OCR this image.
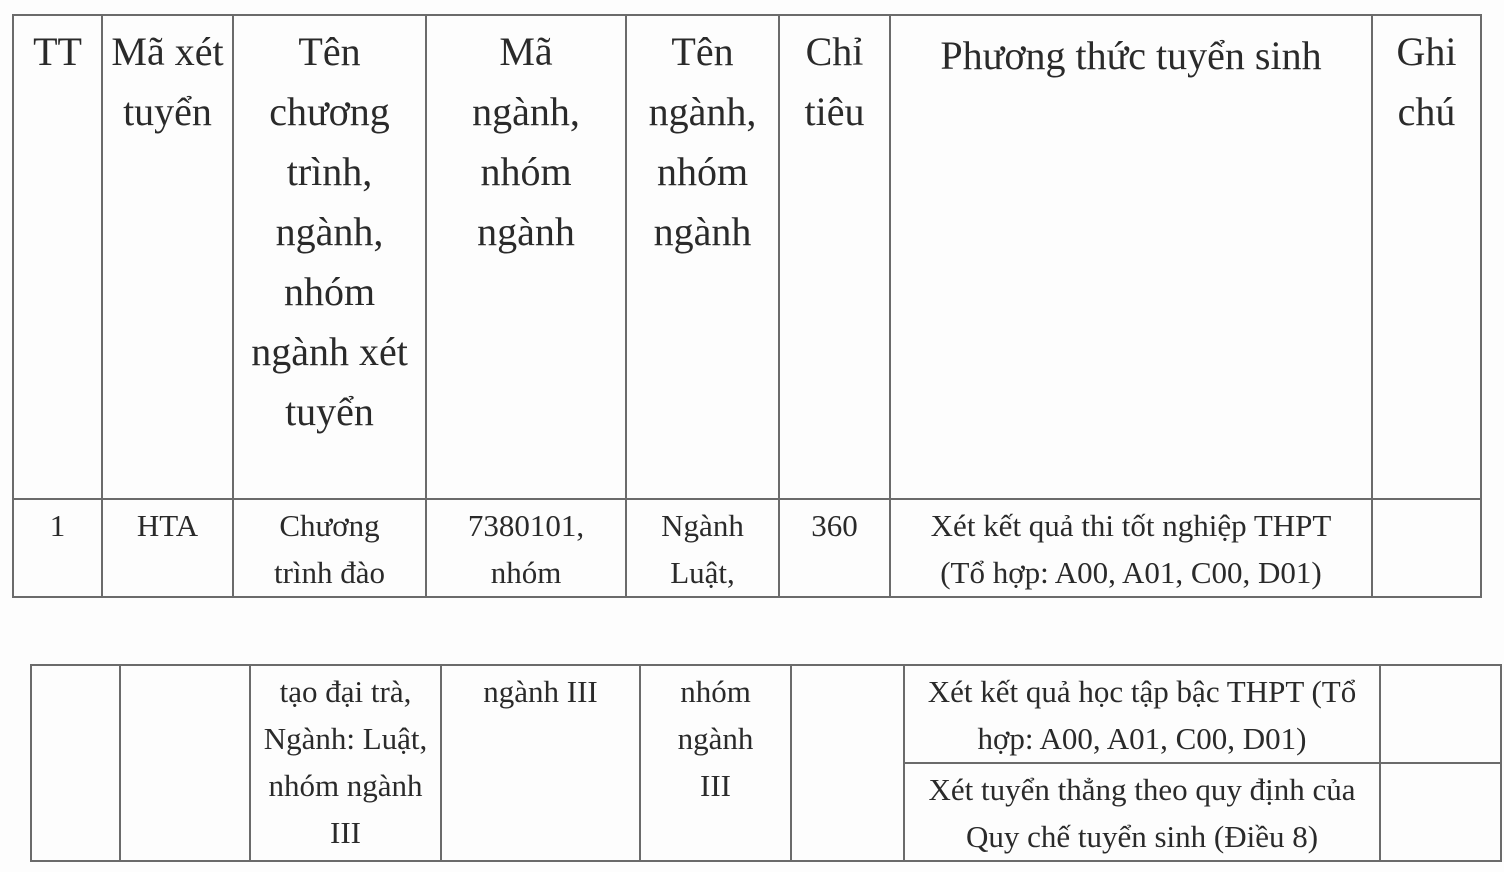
TT	Mã xét tuyển	Tên chương trình, ngành, nhóm ngành xét tuyển	Mã ngành, nhóm ngành	Tên ngành, nhóm ngành	Chỉ tiêu	Phương thức tuyển sinh	Ghi chú
1	HTA	Chương trình đào	7380101, nhóm	Ngành Luật,	360	Xét kết quả thi tốt nghiệp THPT (Tổ hợp: A00, A01, C00, D01)	
		tạo đại trà, Ngành: Luật, nhóm ngành III	ngành III	nhóm ngành III		Xét kết quả học tập bậc THPT (Tổ hợp: A00, A01, C00, D01)	
						Xét tuyển thẳng theo quy định của Quy chế tuyển sinh (Điều 8)	
